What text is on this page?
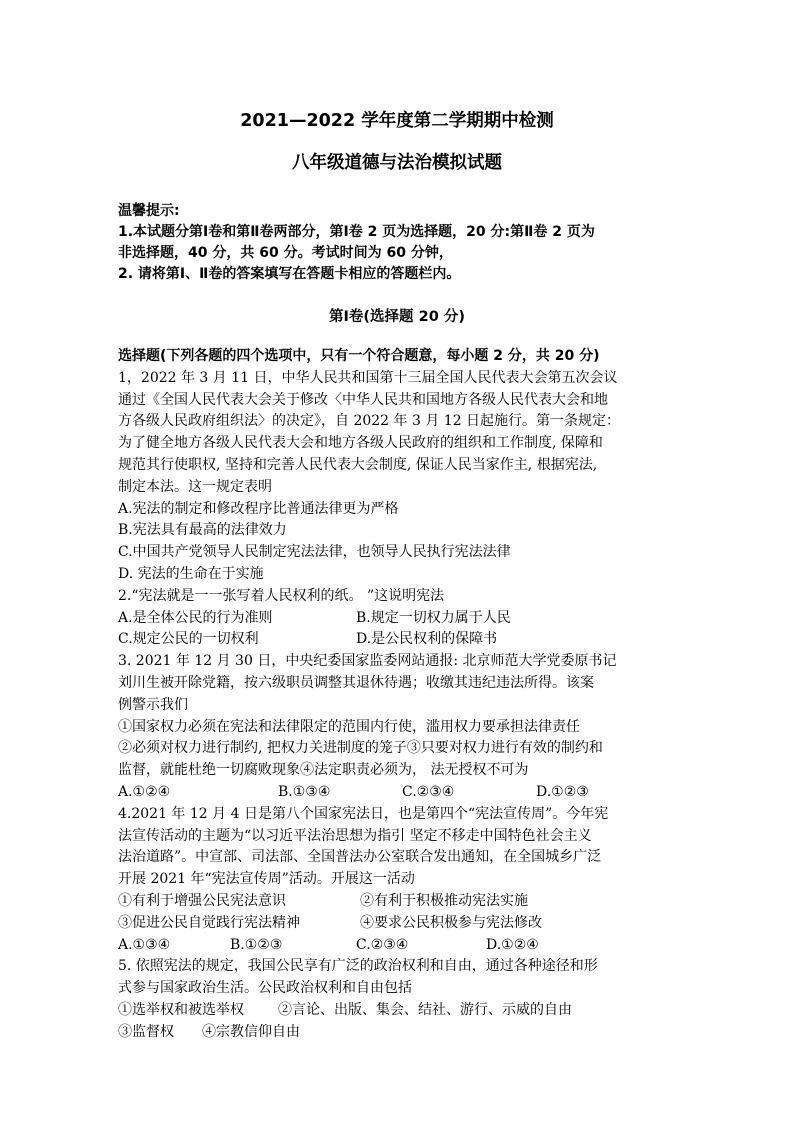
2021—2022 学年度第二学期期中检测
八年级道德与法治模拟试题
温馨提示:
1.本试题分第Ⅰ卷和第Ⅱ卷两部分，第Ⅰ卷 2 页为选择题，20 分:第Ⅱ卷 2 页为
非选择题，40 分，共 60 分。考试时间为 60 分钟，
2. 请将第Ⅰ、Ⅱ卷的答案填写在答题卡相应的答题栏内。
第Ⅰ卷(选择题 20 分)
选择题(下列各题的四个选项中，只有一个符合题意，每小题 2 分，共 20 分)
1，2022 年 3 月 11 日，中华人民共和国第十三届全国人民代表大会第五次会议
通过《全国人民代表大会关于修改〈中华人民共和国地方各级人民代表大会和地
方各级人民政府组织法〉的决定》，自 2022 年 3 月 12 日起施行。第一条规定：
为了健全地方各级人民代表大会和地方各级人民政府的组织和工作制度, 保障和
规范其行使职权, 坚持和完善人民代表大会制度, 保证人民当家作主, 根据宪法,
制定本法。这一规定表明
A.宪法的制定和修改程序比普通法律更为严格
B.宪法具有最高的法律效力
C.中国共产党领导人民制定宪法法律，也领导人民执行宪法法律
D. 宪法的生命在于实施
2.“宪法就是一一张写着人民权利的纸。 ”这说明宪法
A.是全体公民的行为准则	B.规定一切权力属于人民
C.规定公民的一切权利	D.是公民权利的保障书
3. 2021 年 12 月 30 日，中央纪委国家监委网站通报: 北京师范大学党委原书记
刘川生被开除党籍，按六级职员调整其退休待遇；收缴其违纪违法所得。该案
例警示我们
①国家权力必须在宪法和法律限定的范围内行使，滥用权力要承担法律责任
②必须对权力进行制约, 把权力关进制度的笼子③只要对权力进行有效的制约和
监督，就能杜绝一切腐败现象④法定职责必须为， 法无授权不可为
A.①②④	B.①③④	C.②③④	D.①②③
4.2021 年 12 月 4 日是第八个国家宪法日，也是第四个“宪法宣传周”。今年宪
法宣传活动的主题为“以习近平法治思想为指引 坚定不移走中国特色社会主义
法治道路”。中宣部、司法部、全国普法办公室联合发出通知，在全国城乡广泛
开展 2021 年“宪法宣传周”活动。开展这一活动
①有利于增强公民宪法意识	②有利于积极推动宪法实施
③促进公民自觉践行宪法精神	④要求公民积极参与宪法修改
A.①③④	B.①②③	C.②③④	D.①②④
5. 依照宪法的规定，我国公民享有广泛的政治权利和自由，通过各种途径和形
式参与国家政治生活。公民政治权利和自由包括
①选举权和被选举权 ②言论、出版、集会、结社、游行、示威的自由
③监督权 ④宗教信仰自由
